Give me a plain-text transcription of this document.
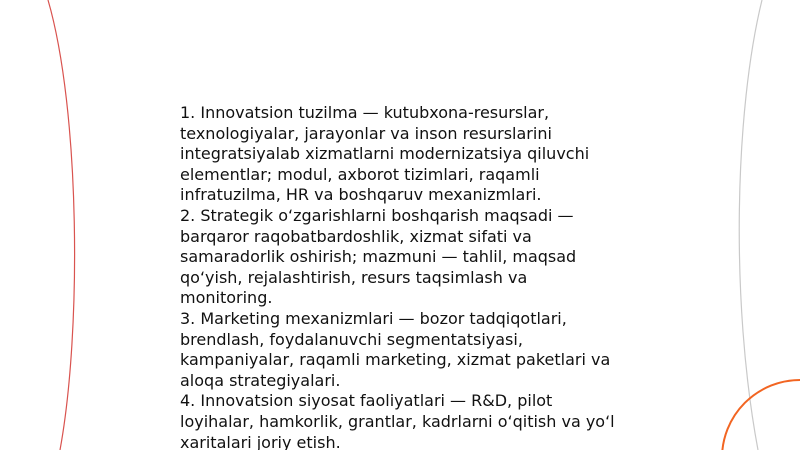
1. Innovatsion tuzilma — kutubxona-resurslar, texnologiyalar, jarayonlar va inson resurslarini integratsiyalab xizmatlarni modernizatsiya qiluvchi elementlar; modul, axborot tizimlari, raqamli infratuzilma, HR va boshqaruv mexanizmlari.

2. Strategik o‘zgarishlarni boshqarish maqsadi — barqaror raqobatbardoshlik, xizmat sifati va samaradorlik oshirish; mazmuni — tahlil, maqsad qo‘yish, rejalashtirish, resurs taqsimlash va monitoring.

3. Marketing mexanizmlari — bozor tadqiqotlari, brendlash, foydalanuvchi segmentatsiyasi, kampaniyalar, raqamli marketing, xizmat paketlari va aloqa strategiyalari.

4. Innovatsion siyosat faoliyatlari — R&D, pilot loyihalar, hamkorlik, grantlar, kadrlarni o‘qitish va yo‘l xaritalari joriy etish.
